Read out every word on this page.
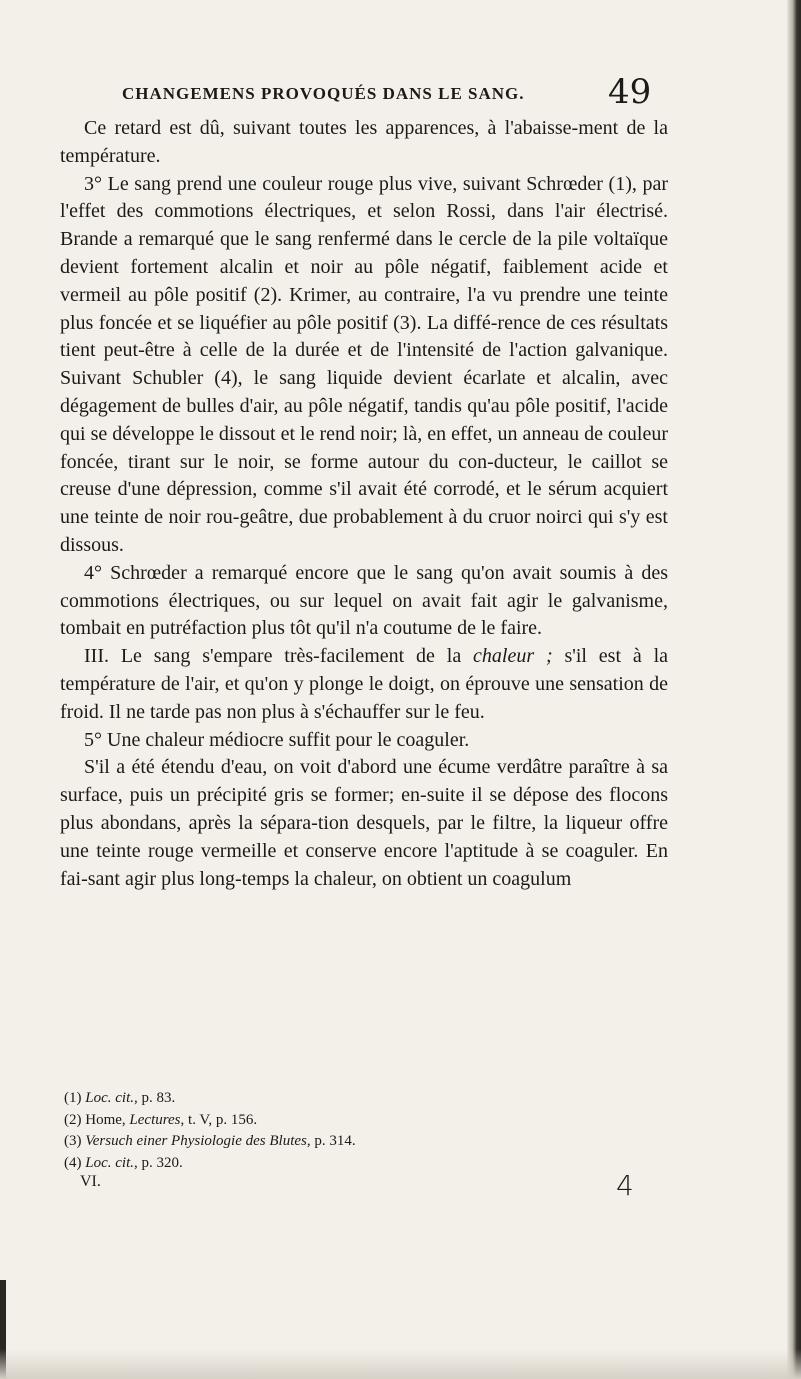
CHANGEMENS PROVOQUÉS DANS LE SANG. 49

Ce retard est dû, suivant toutes les apparences, à l'abaisse-ment de la température.

3° Le sang prend une couleur rouge plus vive, suivant Schrœder (1), par l'effet des commotions électriques, et selon Rossi, dans l'air électrisé. Brande a remarqué que le sang renfermé dans le cercle de la pile voltaïque devient fortement alcalin et noir au pôle négatif, faiblement acide et vermeil au pôle positif (2). Krimer, au contraire, l'a vu prendre une teinte plus foncée et se liquéfier au pôle positif (3). La diffé-rence de ces résultats tient peut-être à celle de la durée et de l'intensité de l'action galvanique. Suivant Schubler (4), le sang liquide devient écarlate et alcalin, avec dégagement de bulles d'air, au pôle négatif, tandis qu'au pôle positif, l'acide qui se développe le dissout et le rend noir; là, en effet, un anneau de couleur foncée, tirant sur le noir, se forme autour du con-ducteur, le caillot se creuse d'une dépression, comme s'il avait été corrodé, et le sérum acquiert une teinte de noir rou-geâtre, due probablement à du cruor noirci qui s'y est dissous.

4° Schrœder a remarqué encore que le sang qu'on avait soumis à des commotions électriques, ou sur lequel on avait fait agir le galvanisme, tombait en putréfaction plus tôt qu'il n'a coutume de le faire.

III. Le sang s'empare très-facilement de la chaleur ; s'il est à la température de l'air, et qu'on y plonge le doigt, on éprouve une sensation de froid. Il ne tarde pas non plus à s'échauffer sur le feu.

5° Une chaleur médiocre suffit pour le coaguler.

S'il a été étendu d'eau, on voit d'abord une écume verdâtre paraître à sa surface, puis un précipité gris se former; en-suite il se dépose des flocons plus abondans, après la sépara-tion desquels, par le filtre, la liqueur offre une teinte rouge vermeille et conserve encore l'aptitude à se coaguler. En fai-sant agir plus long-temps la chaleur, on obtient un coagulum

(1) Loc. cit., p. 83.
(2) Home, Lectures, t. V, p. 156.
(3) Versuch einer Physiologie des Blutes, p. 314.
(4) Loc. cit., p. 320.
VI.	4
